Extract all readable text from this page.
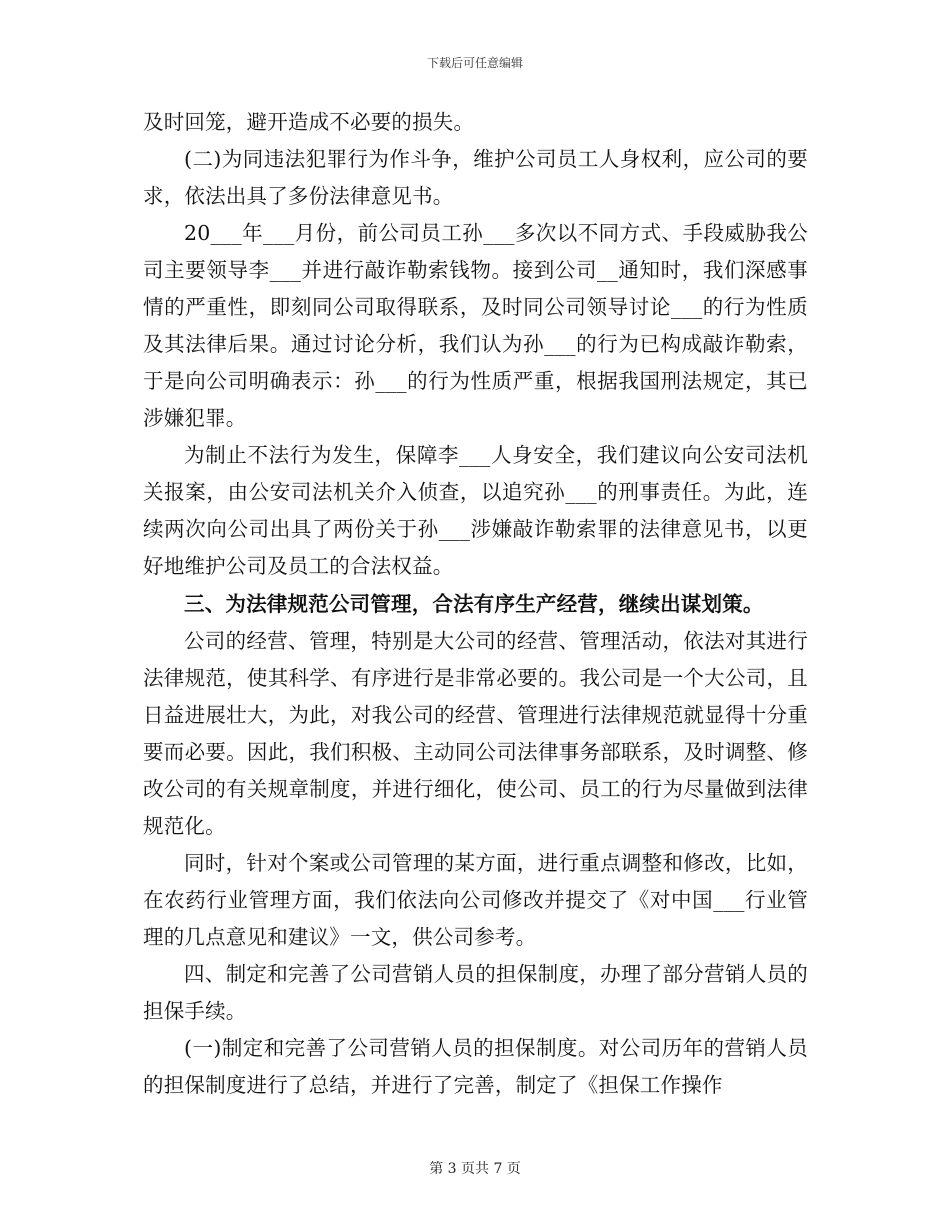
下载后可任意编辑

及时回笼，避开造成不必要的损失。

(二)为同违法犯罪行为作斗争，维护公司员工人身权利，应公司的要求，依法出具了多份法律意见书。

20___年___月份，前公司员工孙___多次以不同方式、手段威胁我公司主要领导李___并进行敲诈勒索钱物。接到公司__通知时，我们深感事情的严重性，即刻同公司取得联系，及时同公司领导讨论___的行为性质及其法律后果。通过讨论分析，我们认为孙___的行为已构成敲诈勒索，于是向公司明确表示：孙___的行为性质严重，根据我国刑法规定，其已涉嫌犯罪。

为制止不法行为发生，保障李___人身安全，我们建议向公安司法机关报案，由公安司法机关介入侦查，以追究孙___的刑事责任。为此，连续两次向公司出具了两份关于孙___涉嫌敲诈勒索罪的法律意见书，以更好地维护公司及员工的合法权益。

三、为法律规范公司管理，合法有序生产经营，继续出谋划策。

公司的经营、管理，特别是大公司的经营、管理活动，依法对其进行法律规范，使其科学、有序进行是非常必要的。我公司是一个大公司，且日益进展壮大，为此，对我公司的经营、管理进行法律规范就显得十分重要而必要。因此，我们积极、主动同公司法律事务部联系，及时调整、修改公司的有关规章制度，并进行细化，使公司、员工的行为尽量做到法律规范化。

同时，针对个案或公司管理的某方面，进行重点调整和修改，比如，在农药行业管理方面，我们依法向公司修改并提交了《对中国___行业管理的几点意见和建议》一文，供公司参考。

四、制定和完善了公司营销人员的担保制度，办理了部分营销人员的担保手续。

(一)制定和完善了公司营销人员的担保制度。对公司历年的营销人员的担保制度进行了总结，并进行了完善，制定了《担保工作操作

第 3 页共 7 页
